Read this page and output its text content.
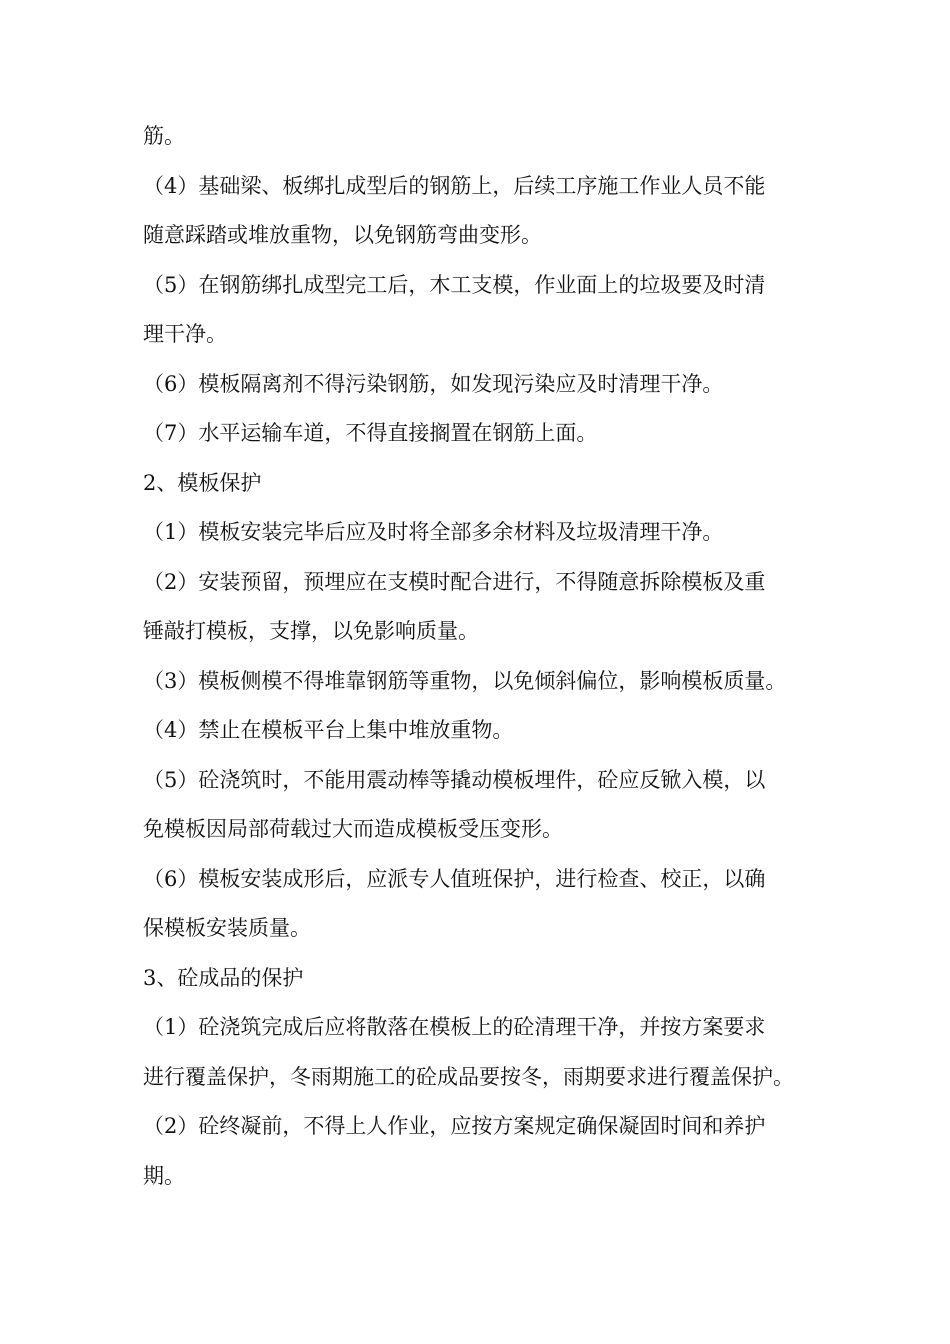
筋。

（4）基础梁、板绑扎成型后的钢筋上，后续工序施工作业人员不能

随意踩踏或堆放重物，以免钢筋弯曲变形。

（5）在钢筋绑扎成型完工后，木工支模，作业面上的垃圾要及时清

理干净。

（6）模板隔离剂不得污染钢筋，如发现污染应及时清理干净。

（7）水平运输车道，不得直接搁置在钢筋上面。

2、模板保护

（1）模板安装完毕后应及时将全部多余材料及垃圾清理干净。

（2）安装预留，预埋应在支模时配合进行，不得随意拆除模板及重

锤敲打模板，支撑，以免影响质量。

（3）模板侧模不得堆靠钢筋等重物，以免倾斜偏位，影响模板质量。

（4）禁止在模板平台上集中堆放重物。

（5）砼浇筑时，不能用震动棒等撬动模板埋件，砼应反锨入模，以

免模板因局部荷载过大而造成模板受压变形。

（6）模板安装成形后，应派专人值班保护，进行检查、校正，以确

保模板安装质量。

3、砼成品的保护

（1）砼浇筑完成后应将散落在模板上的砼清理干净，并按方案要求

进行覆盖保护，冬雨期施工的砼成品要按冬，雨期要求进行覆盖保护。

（2）砼终凝前，不得上人作业，应按方案规定确保凝固时间和养护

期。
